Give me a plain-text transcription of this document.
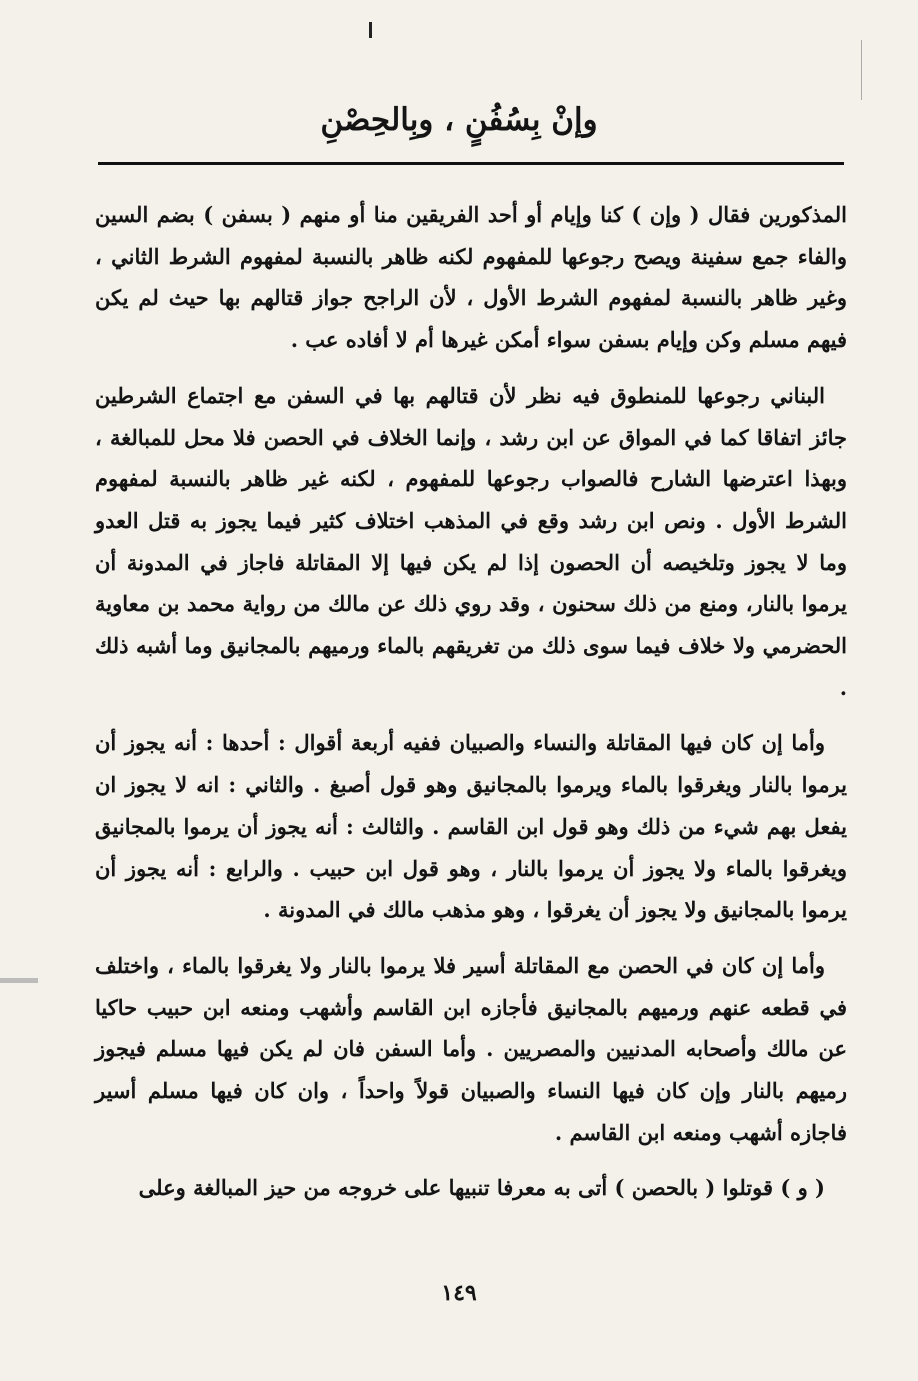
وإنْ بِسُفُنٍ ، وبِالحِصْنِ

المذكورين فقال ( وإن ) كنا وإيام أو أحد الفريقين منا أو منهم ( بسفن ) بضم السين والفاء جمع سفينة ويصح رجوعها للمفهوم لكنه ظاهر بالنسبة لمفهوم الشرط الثاني ، وغير ظاهر بالنسبة لمفهوم الشرط الأول ، لأن الراجح جواز قتالهم بها حيث لم يكن فيهم مسلم وكن وإيام بسفن سواء أمكن غيرها أم لا أفاده عب .

البناني رجوعها للمنطوق فيه نظر لأن قتالهم بها في السفن مع اجتماع الشرطين جائز اتفاقا كما في المواق عن ابن رشد ، وإنما الخلاف في الحصن فلا محل للمبالغة ، وبهذا اعترضها الشارح فالصواب رجوعها للمفهوم ، لكنه غير ظاهر بالنسبة لمفهوم الشرط الأول . ونص ابن رشد وقع في المذهب اختلاف كثير فيما يجوز به قتل العدو وما لا يجوز وتلخيصه أن الحصون إذا لم يكن فيها إلا المقاتلة فاجاز في المدونة أن يرموا بالنار، ومنع من ذلك سحنون ، وقد روي ذلك عن مالك من رواية محمد بن معاوية الحضرمي ولا خلاف فيما سوى ذلك من تغريقهم بالماء ورميهم بالمجانيق وما أشبه ذلك .

وأما إن كان فيها المقاتلة والنساء والصبيان ففيه أربعة أقوال : أحدها : أنه يجوز أن يرموا بالنار ويغرقوا بالماء ويرموا بالمجانيق وهو قول أصبغ . والثاني : انه لا يجوز ان يفعل بهم شيء من ذلك وهو قول ابن القاسم . والثالث : أنه يجوز أن يرموا بالمجانيق ويغرقوا بالماء ولا يجوز أن يرموا بالنار ، وهو قول ابن حبيب . والرابع : أنه يجوز أن يرموا بالمجانيق ولا يجوز أن يغرقوا ، وهو مذهب مالك في المدونة .

وأما إن كان في الحصن مع المقاتلة أسير فلا يرموا بالنار ولا يغرقوا بالماء ، واختلف في قطعه عنهم ورميهم بالمجانيق فأجازه ابن القاسم وأشهب ومنعه ابن حبيب حاكيا عن مالك وأصحابه المدنيين والمصريين . وأما السفن فان لم يكن فيها مسلم فيجوز رميهم بالنار وإن كان فيها النساء والصبيان قولاً واحداً ، وان كان فيها مسلم أسير فاجازه أشهب ومنعه ابن القاسم .

( و ) قوتلوا ( بالحصن ) أتى به معرفا تنبيها على خروجه من حيز المبالغة وعلى

١٤٩
